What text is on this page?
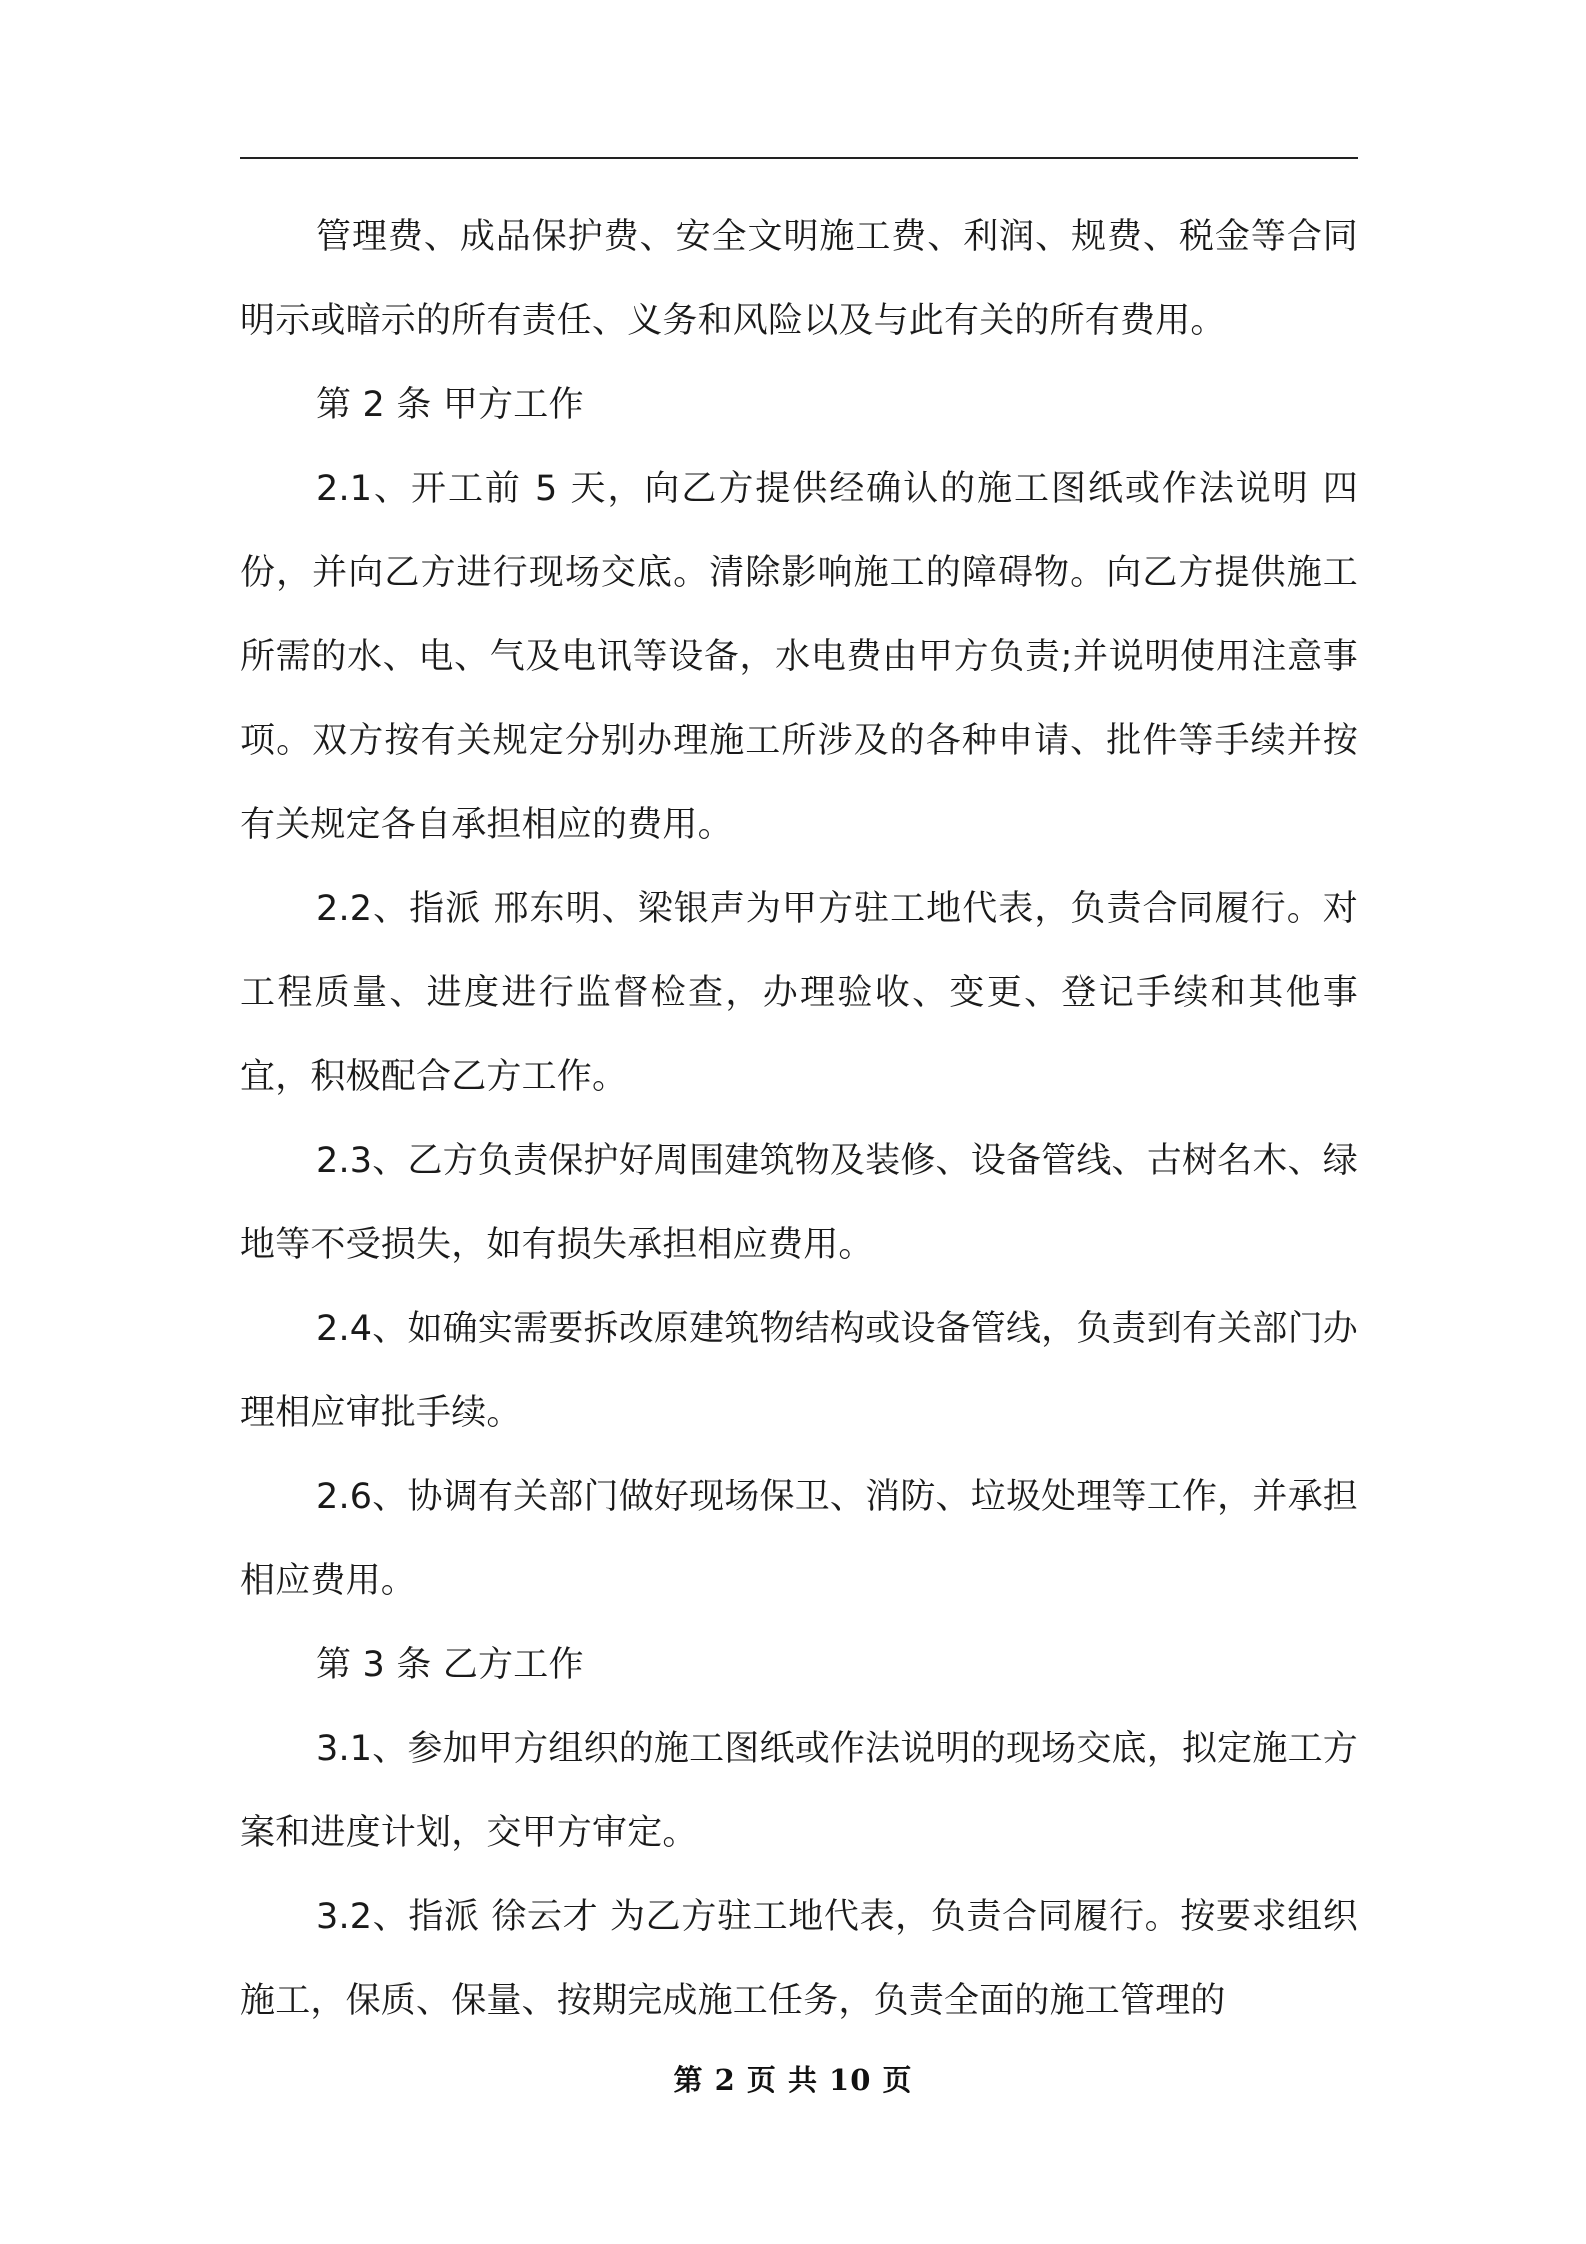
管理费、成品保护费、安全文明施工费、利润、规费、税金等合同明示或暗示的所有责任、义务和风险以及与此有关的所有费用。

第 2 条 甲方工作

2.1、开工前 5 天，向乙方提供经确认的施工图纸或作法说明 四份，并向乙方进行现场交底。清除影响施工的障碍物。向乙方提供施工所需的水、电、气及电讯等设备，水电费由甲方负责;并说明使用注意事项。双方按有关规定分别办理施工所涉及的各种申请、批件等手续并按有关规定各自承担相应的费用。

2.2、指派 邢东明、梁银声为甲方驻工地代表，负责合同履行。对工程质量、进度进行监督检查，办理验收、变更、登记手续和其他事宜，积极配合乙方工作。

2.3、乙方负责保护好周围建筑物及装修、设备管线、古树名木、绿地等不受损失，如有损失承担相应费用。

2.4、如确实需要拆改原建筑物结构或设备管线，负责到有关部门办理相应审批手续。

2.6、协调有关部门做好现场保卫、消防、垃圾处理等工作，并承担相应费用。

第 3 条 乙方工作

3.1、参加甲方组织的施工图纸或作法说明的现场交底，拟定施工方案和进度计划，交甲方审定。

3.2、指派 徐云才 为乙方驻工地代表，负责合同履行。按要求组织施工，保质、保量、按期完成施工任务，负责全面的施工管理的

第 2 页 共 10 页
